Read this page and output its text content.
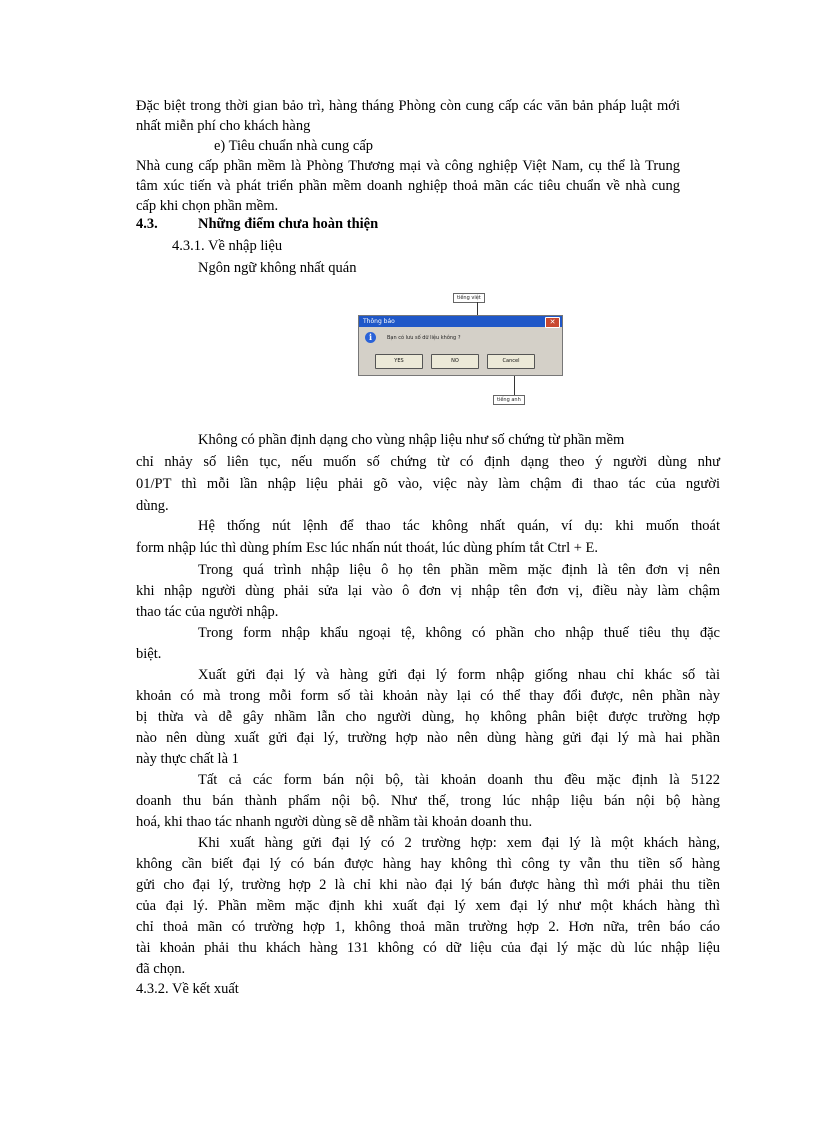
Đặc biệt trong thời gian bảo trì, hàng tháng Phòng còn cung cấp các văn bản pháp luật mới
nhất miễn phí cho khách hàng
e) Tiêu chuẩn nhà cung cấp
Nhà cung cấp phần mềm là Phòng Thương mại và công nghiệp Việt Nam, cụ thể là Trung
tâm xúc tiến và phát triển phần mềm doanh nghiệp thoả mãn các tiêu chuẩn về nhà cung
cấp khi chọn phần mềm.
4.3.	Những điểm chưa hoàn thiện
4.3.1. Về nhập liệu
Ngôn ngữ không nhất quán
tiếng việt
Thông báo	✕
i	Bạn có lưu số dữ liệu không ?
YES	NO	Cancel
tiếng anh
Không có phần định dạng cho vùng nhập liệu như số chứng từ phần mềm
chỉ nhảy số liên tục, nếu muốn số chứng từ có định dạng theo ý người dùng như
01/PT thì mỗi lần nhập liệu phải gõ vào, việc này làm chậm đi thao tác của người
dùng.
Hệ thống nút lệnh để thao tác không nhất quán, ví dụ: khi muốn thoát
form nhập lúc thì dùng phím Esc lúc nhấn nút thoát, lúc dùng phím tắt Ctrl + E.
Trong quá trình nhập liệu ô họ tên phần mềm mặc định là tên đơn vị nên
khi nhập người dùng phải sửa lại vào ô đơn vị nhập tên đơn vị, điều này làm chậm
thao tác của người nhập.
Trong form nhập khẩu ngoại tệ, không có phần cho nhập thuế tiêu thụ đặc
biệt.
Xuất gửi đại lý và hàng gửi đại lý form nhập giống nhau chỉ khác số tài
khoản có mà trong mỗi form số tài khoản này lại có thể thay đổi được, nên phần này
bị thừa và dễ gây nhầm lẫn cho người dùng, họ không phân biệt được trường hợp
nào nên dùng xuất gửi đại lý, trường hợp nào nên dùng hàng gửi đại lý mà hai phần
này thực chất là 1
Tất cả các form bán nội bộ, tài khoản doanh thu đều mặc định là 5122
doanh thu bán thành phẩm nội bộ. Như thế, trong lúc nhập liệu bán nội bộ hàng
hoá, khi thao tác nhanh người dùng sẽ dễ nhầm tài khoản doanh thu.
Khi xuất hàng gửi đại lý có 2 trường hợp: xem đại lý là một khách hàng,
không cần biết đại lý có bán được hàng hay không thì công ty vẫn thu tiền số hàng
gửi cho đại lý, trường hợp 2 là chỉ khi nào đại lý bán được hàng thì mới phải thu tiền
của đại lý. Phần mềm mặc định khi xuất đại lý xem đại lý như một khách hàng thì
chỉ thoả mãn có trường hợp 1, không thoả mãn trường hợp 2. Hơn nữa, trên báo cáo
tài khoản phải thu khách hàng 131 không có dữ liệu của đại lý mặc dù lúc nhập liệu
đã chọn.
4.3.2. Về kết xuất
